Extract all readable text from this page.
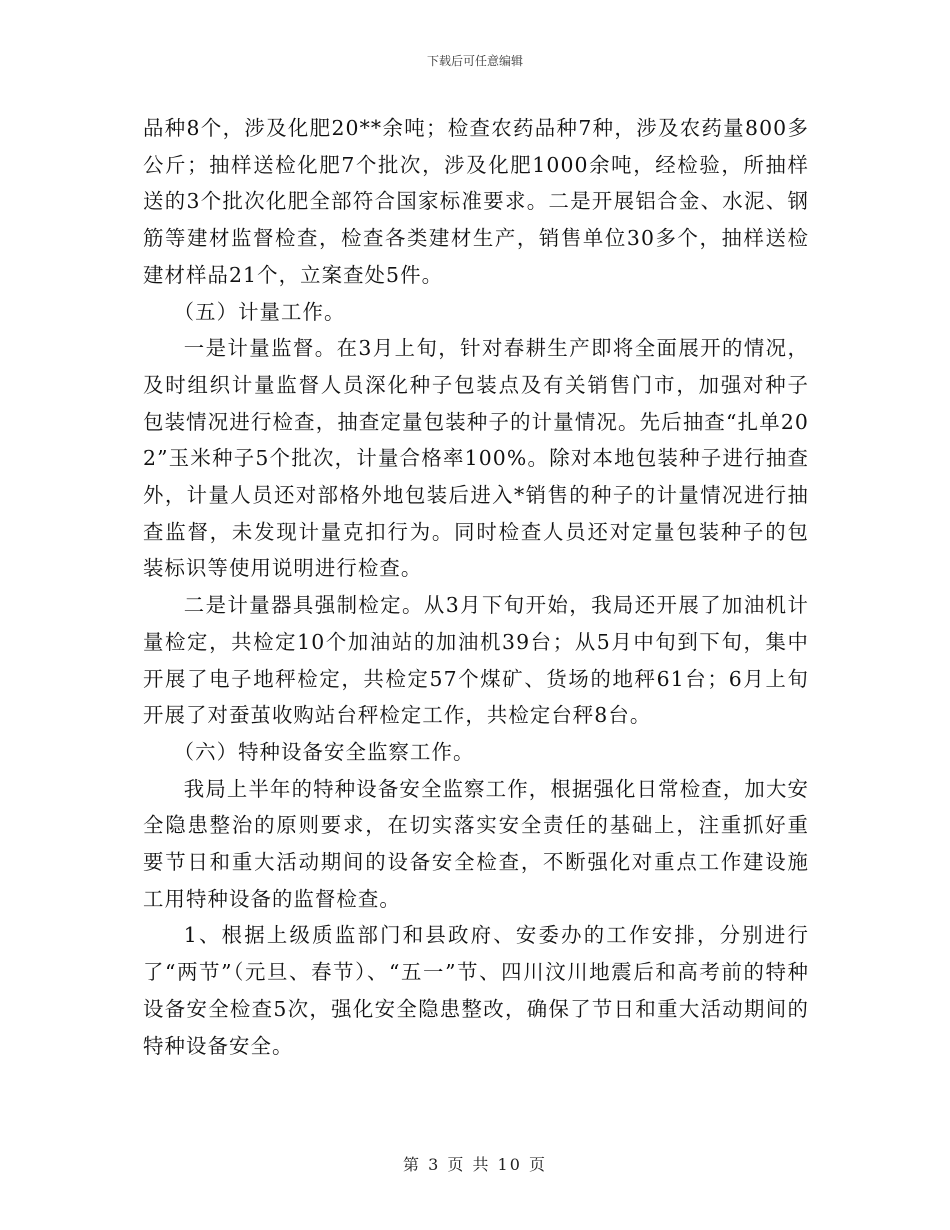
下载后可任意编辑

品种8个，涉及化肥20**余吨；检查农药品种7种，涉及农药量800多公斤；抽样送检化肥7个批次，涉及化肥1000余吨，经检验，所抽样送的3个批次化肥全部符合国家标准要求。二是开展铝合金、水泥、钢筋等建材监督检查，检查各类建材生产，销售单位30多个，抽样送检建材样品21个，立案查处5件。

（五）计量工作。

一是计量监督。在3月上旬，针对春耕生产即将全面展开的情况，及时组织计量监督人员深化种子包装点及有关销售门市，加强对种子包装情况进行检查，抽查定量包装种子的计量情况。先后抽查“扎单202”玉米种子5个批次，计量合格率100%。除对本地包装种子进行抽查外，计量人员还对部格外地包装后进入*销售的种子的计量情况进行抽查监督，未发现计量克扣行为。同时检查人员还对定量包装种子的包装标识等使用说明进行检查。

二是计量器具强制检定。从3月下旬开始，我局还开展了加油机计量检定，共检定10个加油站的加油机39台；从5月中旬到下旬，集中开展了电子地秤检定，共检定57个煤矿、货场的地秤61台；6月上旬开展了对蚕茧收购站台秤检定工作，共检定台秤8台。

（六）特种设备安全监察工作。

我局上半年的特种设备安全监察工作，根据强化日常检查，加大安全隐患整治的原则要求，在切实落实安全责任的基础上，注重抓好重要节日和重大活动期间的设备安全检查，不断强化对重点工作建设施工用特种设备的监督检查。

1、根据上级质监部门和县政府、安委办的工作安排，分别进行了“两节”（元旦、春节）、“五一”节、四川汶川地震后和高考前的特种设备安全检查5次，强化安全隐患整改，确保了节日和重大活动期间的特种设备安全。

第 3 页 共 10 页
